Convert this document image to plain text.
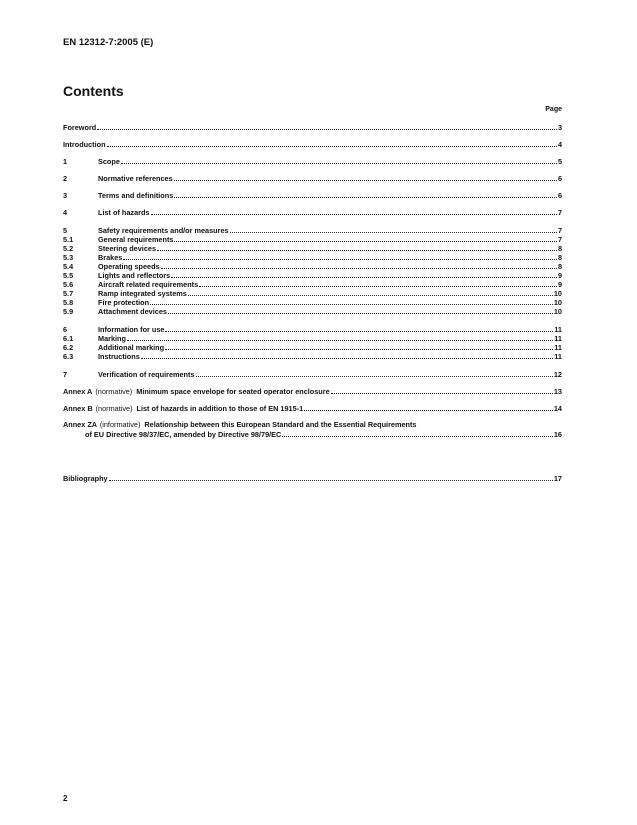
EN 12312-7:2005 (E)
Contents
Page
Foreword	3
Introduction	4
1	Scope	5
2	Normative references	6
3	Terms and definitions	6
4	List of hazards	7
5	Safety requirements and/or measures	7
5.1	General requirements	7
5.2	Steering devices	8
5.3	Brakes	8
5.4	Operating speeds	8
5.5	Lights and reflectors	9
5.6	Aircraft related requirements	9
5.7	Ramp integrated systems	10
5.8	Fire protection	10
5.9	Attachment devices	10
6	Information for use	11
6.1	Marking	11
6.2	Additional marking	11
6.3	Instructions	11
7	Verification of requirements	12
Annex A (normative) Minimum space envelope for seated operator enclosure	13
Annex B (normative) List of hazards in addition to those of EN 1915-1	14
Annex ZA (informative) Relationship between this European Standard and the Essential Requirements
of EU Directive 98/37/EC, amended by Directive 98/79/EC	16
Bibliography	17
2
